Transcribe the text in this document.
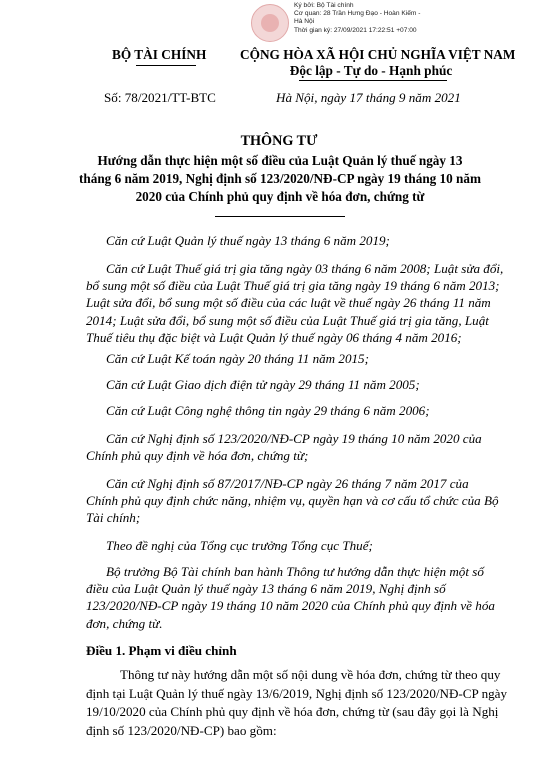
Ký bởi: Bộ Tài chính
Cơ quan: 28 Trần Hưng Đạo - Hoàn Kiếm -
Hà Nội
Thời gian ký: 27/09/2021 17:22:51 +07:00
BỘ TÀI CHÍNH	CỘNG HÒA XÃ HỘI CHỦ NGHĨA VIỆT NAM
Độc lập - Tự do - Hạnh phúc
Số: 78/2021/TT-BTC	Hà Nội, ngày 17 tháng 9 năm 2021
THÔNG TƯ
Hướng dẫn thực hiện một số điều của Luật Quản lý thuế ngày 13
tháng 6 năm 2019, Nghị định số 123/2020/NĐ-CP ngày 19 tháng 10 năm
2020 của Chính phủ quy định về hóa đơn, chứng từ
Căn cứ Luật Quản lý thuế ngày 13 tháng 6 năm 2019;
Căn cứ Luật Thuế giá trị gia tăng ngày 03 tháng 6 năm 2008; Luật sửa đổi,
bổ sung một số điều của Luật Thuế giá trị gia tăng ngày 19 tháng 6 năm 2013;
Luật sửa đổi, bổ sung một số điều của các luật về thuế ngày 26 tháng 11 năm
2014; Luật sửa đổi, bổ sung một số điều của Luật Thuế giá trị gia tăng, Luật
Thuế tiêu thụ đặc biệt và Luật Quản lý thuế ngày 06 tháng 4 năm 2016;
Căn cứ Luật Kế toán ngày 20 tháng 11 năm 2015;
Căn cứ Luật Giao dịch điện tử ngày 29 tháng 11 năm 2005;
Căn cứ Luật Công nghệ thông tin ngày 29 tháng 6 năm 2006;
Căn cứ Nghị định số 123/2020/NĐ-CP ngày 19 tháng 10 năm 2020 của
Chính phủ quy định về hóa đơn, chứng từ;
Căn cứ Nghị định số 87/2017/NĐ-CP ngày 26 tháng 7 năm 2017 của
Chính phủ quy định chức năng, nhiệm vụ, quyền hạn và cơ cấu tổ chức của Bộ
Tài chính;
Theo đề nghị của Tổng cục trưởng Tổng cục Thuế;
Bộ trưởng Bộ Tài chính ban hành Thông tư hướng dẫn thực hiện một số
điều của Luật Quản lý thuế ngày 13 tháng 6 năm 2019, Nghị định số
123/2020/NĐ-CP ngày 19 tháng 10 năm 2020 của Chính phủ quy định về hóa
đơn, chứng từ.
Điều 1. Phạm vi điều chỉnh
Thông tư này hướng dẫn một số nội dung về hóa đơn, chứng từ theo quy
định tại Luật Quản lý thuế ngày 13/6/2019, Nghị định số 123/2020/NĐ-CP ngày
19/10/2020 của Chính phủ quy định về hóa đơn, chứng từ (sau đây gọi là Nghị
định số 123/2020/NĐ-CP) bao gồm:
